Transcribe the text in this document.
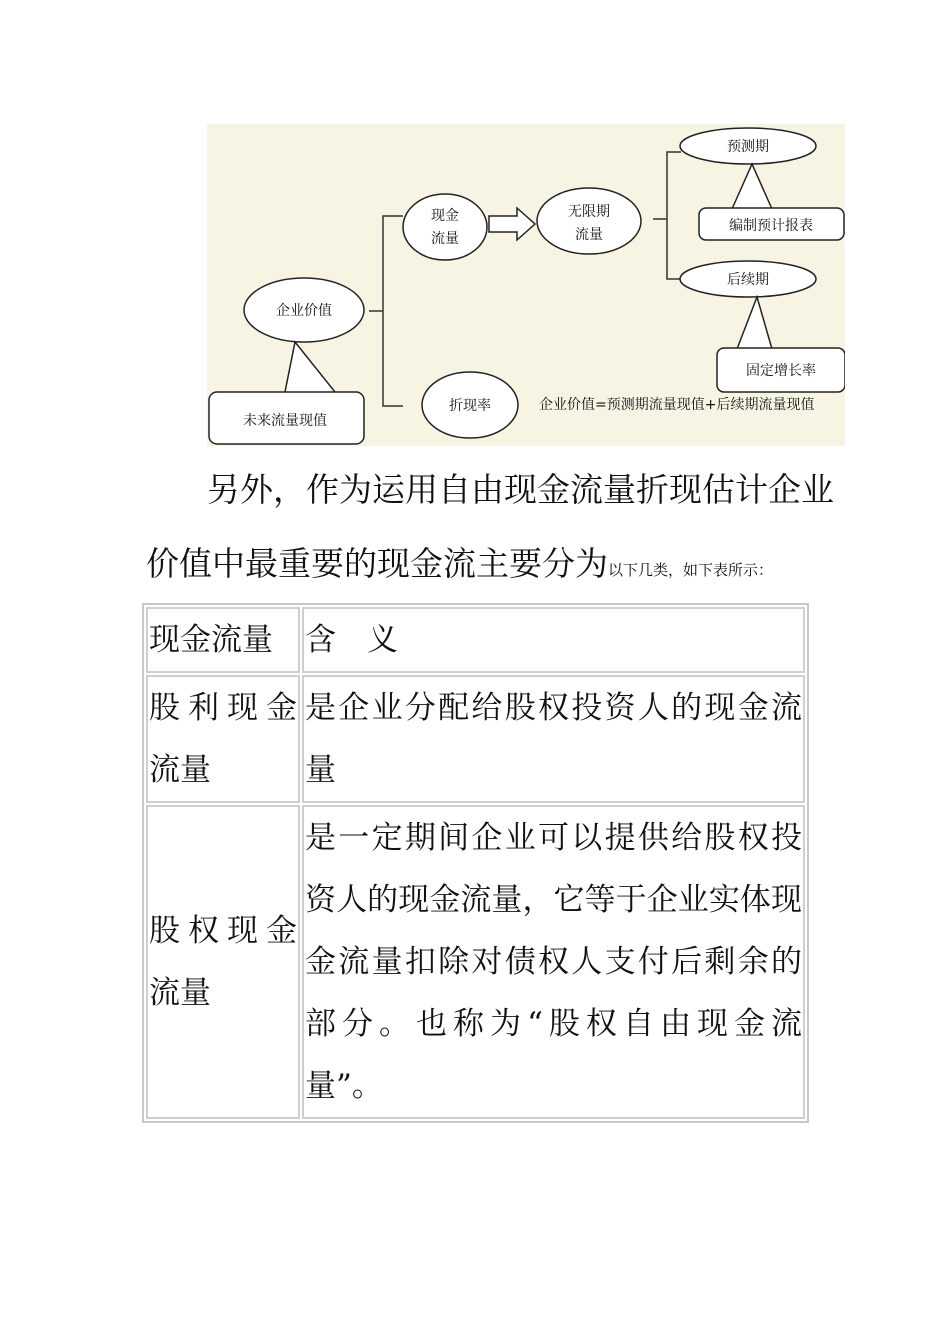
企业价值
未来流量现值
现金
流量
无限期
流量
预测期
编制预计报表
后续期
固定增长率
折现率	企业价值=预测期流量现值+后续期流量现值
另外，作为运用自由现金流量折现估计企业
价值中最重要的现金流主要分为以下几类，如下表所示：
现金流量	含　义

股利现金
流量	是企业分配给股权投资人的现金流
量

股权现金
流量	是一定期间企业可以提供给股权投
资人的现金流量，它等于企业实体现
金流量扣除对债权人支付后剩余的
部分。也称为“股权自由现金流
量”。
